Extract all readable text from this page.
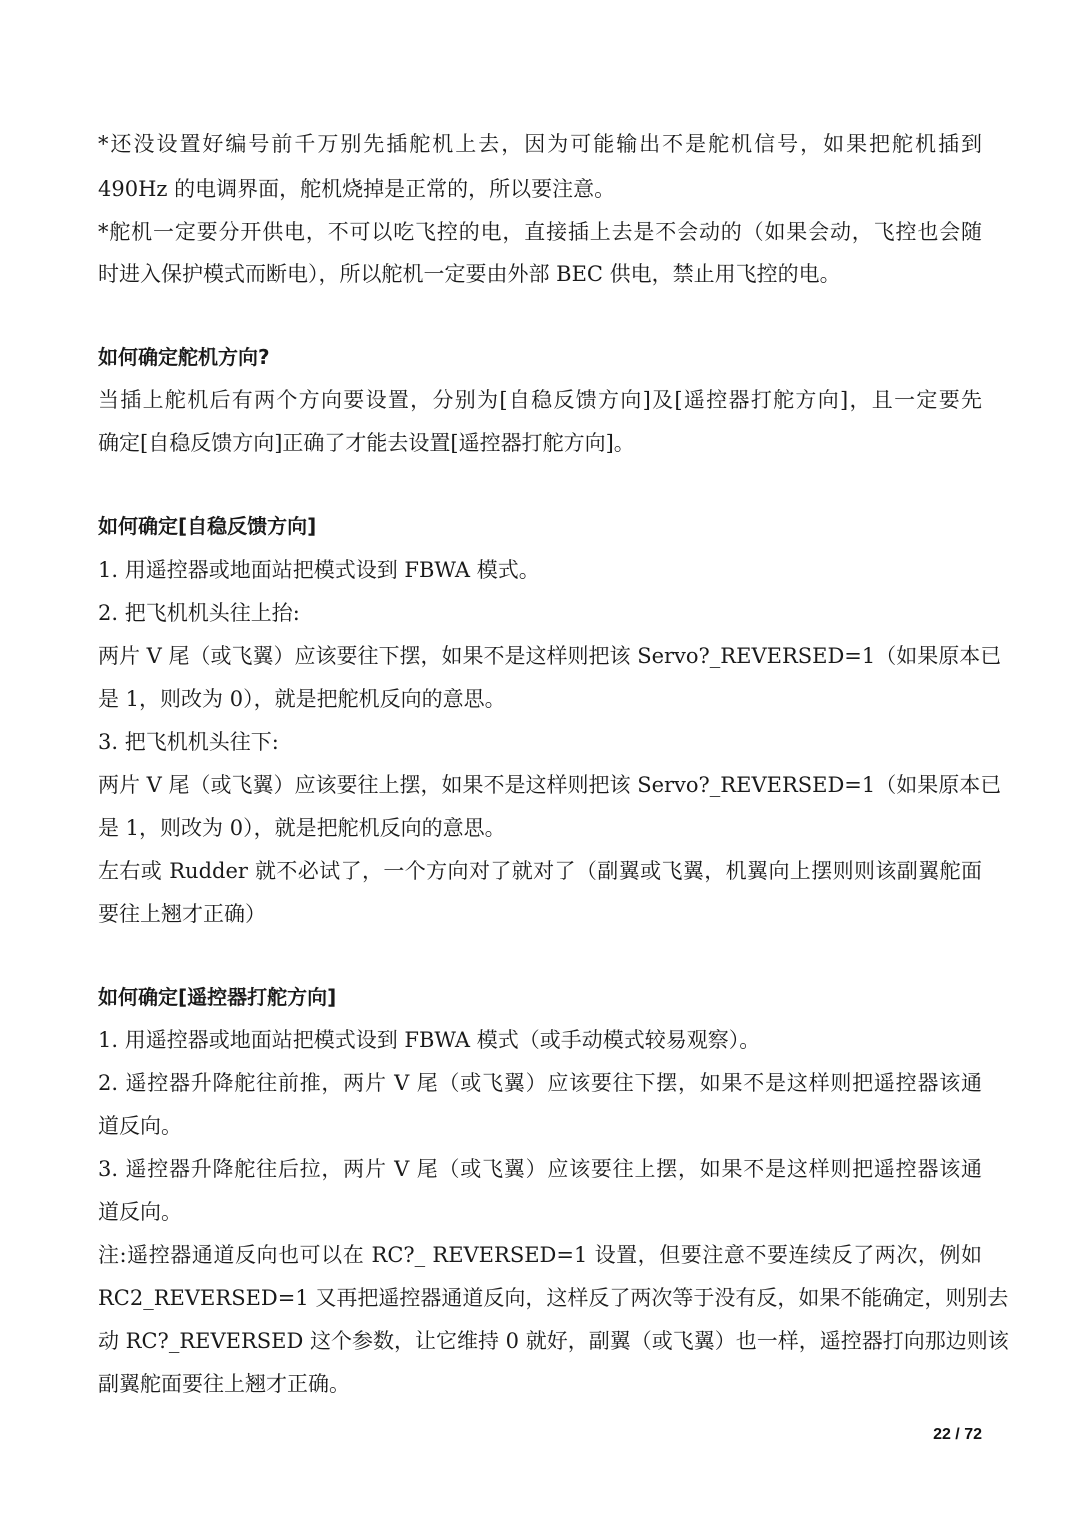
*还没设置好编号前千万别先插舵机上去，因为可能输出不是舵机信号，如果把舵机插到
490Hz 的电调界面，舵机烧掉是正常的，所以要注意。
*舵机一定要分开供电，不可以吃飞控的电，直接插上去是不会动的（如果会动，飞控也会随
时进入保护模式而断电），所以舵机一定要由外部 BEC 供电，禁止用飞控的电。
如何确定舵机方向?
当插上舵机后有两个方向要设置，分别为[自稳反馈方向]及[遥控器打舵方向]，且一定要先
确定[自稳反馈方向]正确了才能去设置[遥控器打舵方向]。
如何确定[自稳反馈方向]
1. 用遥控器或地面站把模式设到 FBWA 模式。
2. 把飞机机头往上抬:
两片 V 尾（或飞翼）应该要往下摆，如果不是这样则把该 Servo?_REVERSED=1（如果原本已
是 1，则改为 0），就是把舵机反向的意思。
3. 把飞机机头往下:
两片 V 尾（或飞翼）应该要往上摆，如果不是这样则把该 Servo?_REVERSED=1（如果原本已
是 1，则改为 0），就是把舵机反向的意思。
左右或 Rudder 就不必试了，一个方向对了就对了（副翼或飞翼，机翼向上摆则则该副翼舵面
要往上翘才正确）
如何确定[遥控器打舵方向]
1. 用遥控器或地面站把模式设到 FBWA 模式（或手动模式较易观察）。
2. 遥控器升降舵往前推，两片 V 尾（或飞翼）应该要往下摆，如果不是这样则把遥控器该通
道反向。
3. 遥控器升降舵往后拉，两片 V 尾（或飞翼）应该要往上摆，如果不是这样则把遥控器该通
道反向。
注:遥控器通道反向也可以在 RC?_ REVERSED=1 设置，但要注意不要连续反了两次，例如
RC2_REVERSED=1 又再把遥控器通道反向，这样反了两次等于没有反，如果不能确定，则别去
动 RC?_REVERSED 这个参数，让它维持 0 就好，副翼（或飞翼）也一样，遥控器打向那边则该
副翼舵面要往上翘才正确。
22 / 72
